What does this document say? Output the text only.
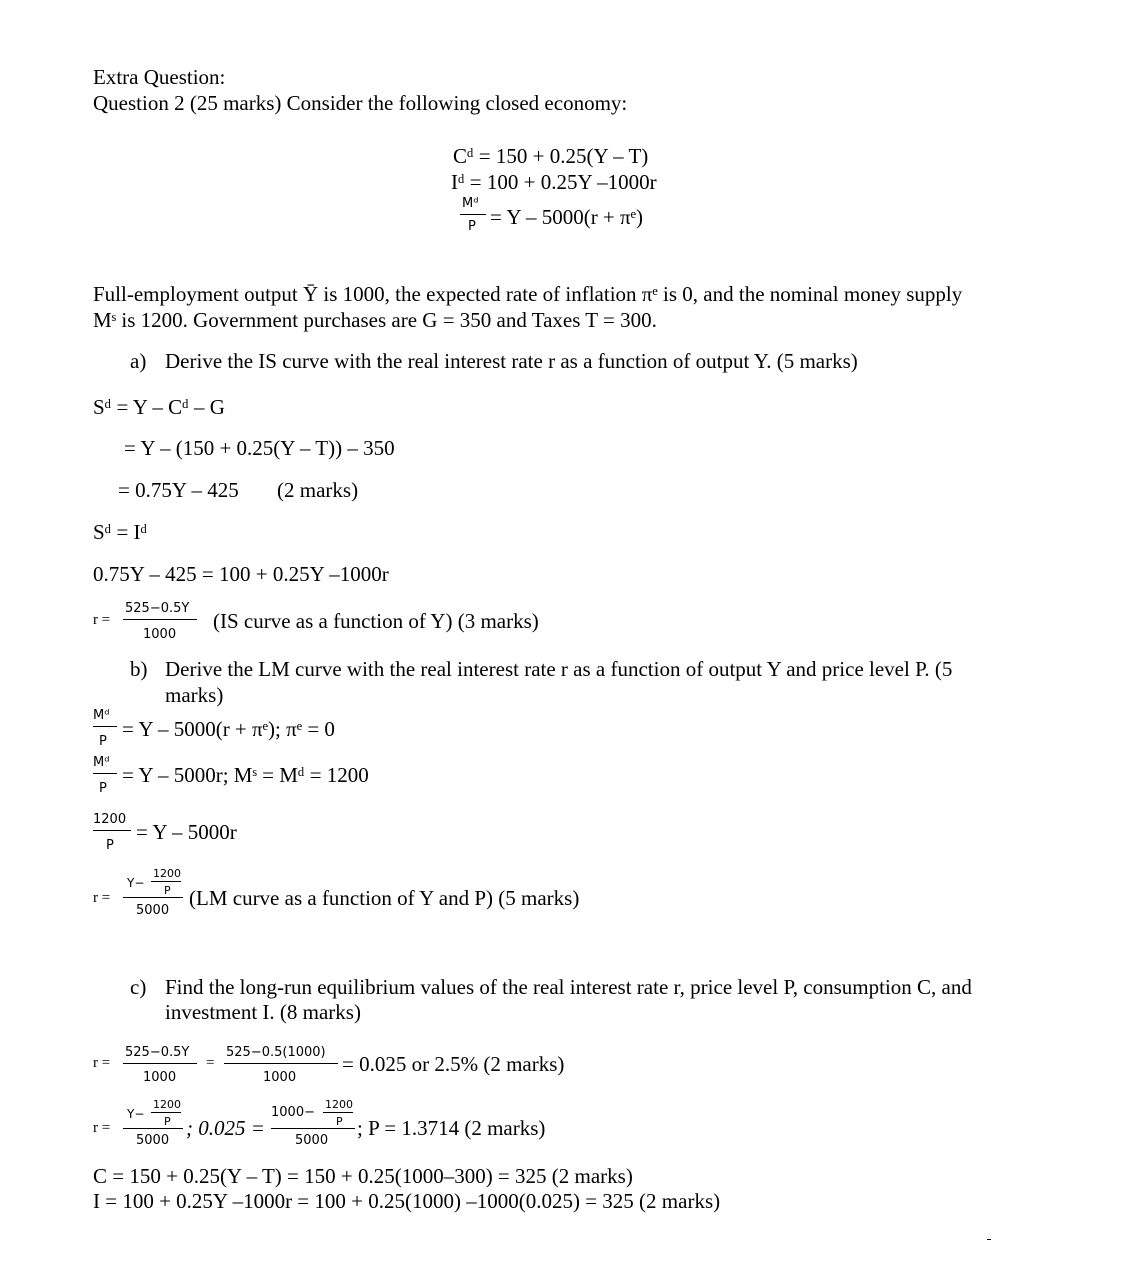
Extra Question:
Question 2 (25 marks) Consider the following closed economy:
Cᵈ = 150 + 0.25(Y – T)
Iᵈ = 100 + 0.25Y –1000r
Mᵈ
P = Y – 5000(r + πᵉ)
Full-employment output Ȳ is 1000, the expected rate of inflation πᵉ is 0, and the nominal money supply
Mˢ is 1200. Government purchases are G = 350 and Taxes T = 300.
a) Derive the IS curve with the real interest rate r as a function of output Y. (5 marks)
Sᵈ = Y – Cᵈ – G
= Y – (150 + 0.25(Y – T)) – 350
= 0.75Y – 425 (2 marks)
Sᵈ = Iᵈ
0.75Y – 425 = 100 + 0.25Y –1000r
r =
525−0.5Y
1000
(IS curve as a function of Y) (3 marks)
b) Derive the LM curve with the real interest rate r as a function of output Y and price level P. (5
marks)
Mᵈ
P
= Y – 5000(r + πᵉ); πᵉ = 0
Mᵈ
P
= Y – 5000r; Mˢ = Mᵈ = 1200
1200
P
= Y – 5000r
r =
1200
P
Y−
5000
(LM curve as a function of Y and P) (5 marks)
c) Find the long-run equilibrium values of the real interest rate r, price level P, consumption C, and
investment I. (8 marks)
r =
525−0.5Y
1000
=
525−0.5(1000)
1000
= 0.025 or 2.5% (2 marks)
r =
1200
P
Y−
5000
; 0.025 =
1200
P
1000−
5000
; P = 1.3714 (2 marks)
C = 150 + 0.25(Y – T) = 150 + 0.25(1000–300) = 325 (2 marks)
I = 100 + 0.25Y –1000r = 100 + 0.25(1000) –1000(0.025) = 325 (2 marks)
